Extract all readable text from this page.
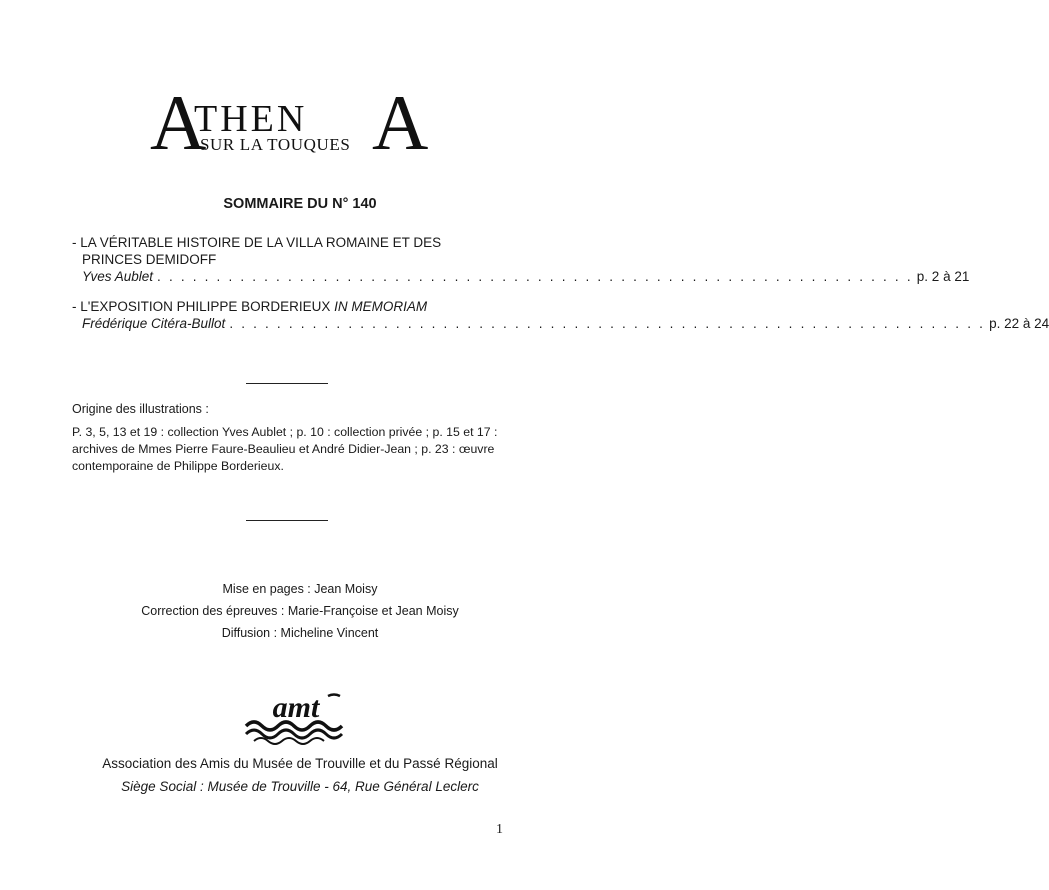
A
THEN A
SUR LA TOUQUES
SOMMAIRE DU N° 140
- LA VÉRITABLE HISTOIRE DE LA VILLA ROMAINE ET DES PRINCES DEMIDOFF
Yves Aublet . . . . . . . . . . . . . . . . . . . . . . . . . . . . . . . . . . . . . . . . . . . . . . . . . . . . . . . . . . . . . . . . p. 2 à 21
- L'EXPOSITION PHILIPPE BORDERIEUX IN MEMORIAM
Frédérique Citéra-Bullot . . . . . . . . . . . . . . . . . . . . . . . . . . . . . . . . . . . . . . . . . . . . . . . . . . . . . . . . . . . . . . . . p. 22 à 24
Origine des illustrations :
P. 3, 5, 13 et 19 : collection Yves Aublet ; p. 10 : collection privée ; p. 15 et 17 : archives de Mmes Pierre Faure-Beaulieu et André Didier-Jean ; p. 23 : œuvre contemporaine de Philippe Borderieux.
Mise en pages : Jean Moisy
Correction des épreuves : Marie-Françoise et Jean Moisy
Diffusion : Micheline Vincent
amt
Association des Amis du Musée de Trouville et du Passé Régional
Siège Social : Musée de Trouville - 64, Rue Général Leclerc
1
